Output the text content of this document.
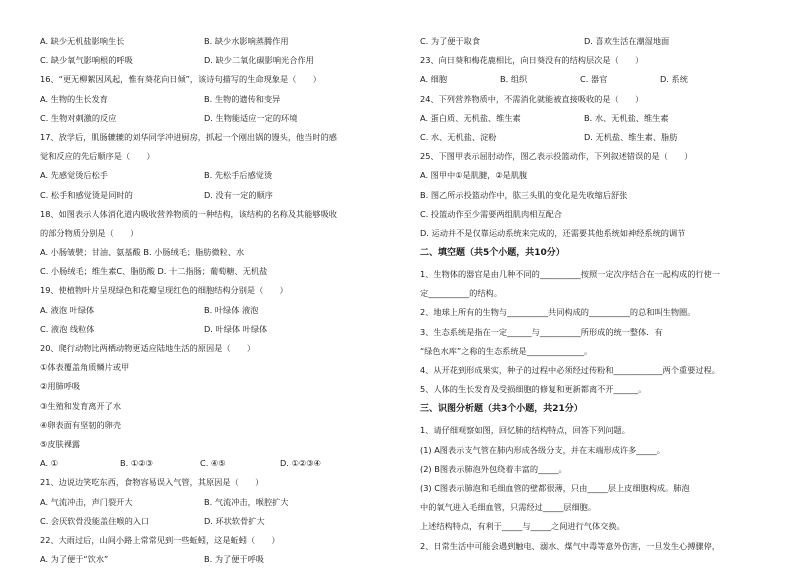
A. 缺少无机盐影响生长	B. 缺少水影响蒸腾作用
C. 缺少氧气影响根的呼吸	D. 缺少二氧化碳影响光合作用
16、“更无柳絮因风起，惟有葵花向日倾”，该诗句描写的生命现象是（　　）
A. 生物的生长发育	B. 生物的遗传和变异
C. 生物对刺激的反应	D. 生物能适应一定的环境
17、放学后，肌肠辘辘的刘华同学冲进厨房，抓起一个刚出锅的馒头，他当时的感
觉和反应的先后顺序是（　　）
A. 先感觉烫后松手	B. 先松手后感觉烫
C. 松手和感觉烫是同时的	D. 没有一定的顺序
18、如图表示人体消化道内吸收营养物质的一种结构，该结构的名称及其能够吸收
的部分物质分别是（　　）
A. 小肠皱襞；甘油、氨基酸 B. 小肠绒毛；脂肪微粒、水
C. 小肠绒毛；维生素C、脂肪酸 D. 十二指肠；葡萄糖、无机盐
19、使植物叶片呈现绿色和花瓣呈现红色的细胞结构分别是（　　）
A. 液泡 叶绿体	B. 叶绿体 液泡
C. 液泡 线粒体	D. 叶绿体 叶绿体
20、爬行动物比两栖动物更适应陆地生活的原因是（　　）
①体表覆盖角质鳞片或甲
②用肺呼吸
③生殖和发育离开了水
④卵表面有坚韧的卵壳
⑤皮肤裸露
A. ①	B. ①②③	C. ④⑤	D. ①②③④
21、边说边笑吃东西，食物容易误入气管，其原因是（　　）
A. 气流冲击，声门裂开大	B. 气流冲击，喉腔扩大
C. 会厌软骨没能盖住喉的入口	D. 环状软骨扩大
22、大雨过后，山间小路上常常见到一些蚯蚓，这是蚯蚓（　　）
A. 为了便于“饮水”	B. 为了便于呼吸
C. 为了便于取食	D. 喜欢生活在潮湿地面
23、向日葵和梅花鹿相比，向日葵没有的结构层次是（　　）
A. 细胞	B. 组织	C. 器官	D. 系统
24、下列营养物质中，不需消化就能被直接吸收的是（　　）
A. 蛋白质、无机盐、维生素	B. 水、无机盐、维生素
C. 水、无机盐、淀粉	D. 无机盐、维生素、脂肪
25、下图甲表示屈肘动作，图乙表示投篮动作，下列叙述错误的是（　　）
A. 图甲中①是肌腱，②是肌腹
B. 图乙所示投篮动作中，肱三头肌的变化是先收缩后舒张
C. 投篮动作至少需要两组肌肉相互配合
D. 运动并不是仅靠运动系统来完成的，还需要其他系统如神经系统的调节
二、填空题（共5个小题，共10分）
1、生物体的器官是由几种不同的__________按照一定次序结合在一起构成的行使一
定__________的结构。
2、地球上所有的生物与__________共同构成的__________的总和叫生物圈。
3、生态系统是指在一定______与__________所形成的统一整体．有
“绿色水库”之称的生态系统是______________。
4、从开花到形成果实，种子的过程中必须经过传粉和____________两个重要过程。
5、人体的生长发育及受损细胞的修复和更新都离不开______。
三、识图分析题（共3个小题，共21分）
1、请仔细观察如图，回忆肺的结构特点，回答下列问题。
(1) A图表示支气管在肺内形成各级分支，并在末端形成许多_____。
(2) B图表示肺泡外包绕着丰富的_____。
(3) C图表示肺泡和毛细血管的壁都很薄，只由_____层上皮细胞构成。肺泡
中的氧气进入毛细血管，只需经过_____层细胞。
上述结构特点，有利于_____与_____之间进行气体交换。
2、日常生活中可能会遇到触电、溺水、煤气中毒等意外伤害，一旦发生心搏骤停，
